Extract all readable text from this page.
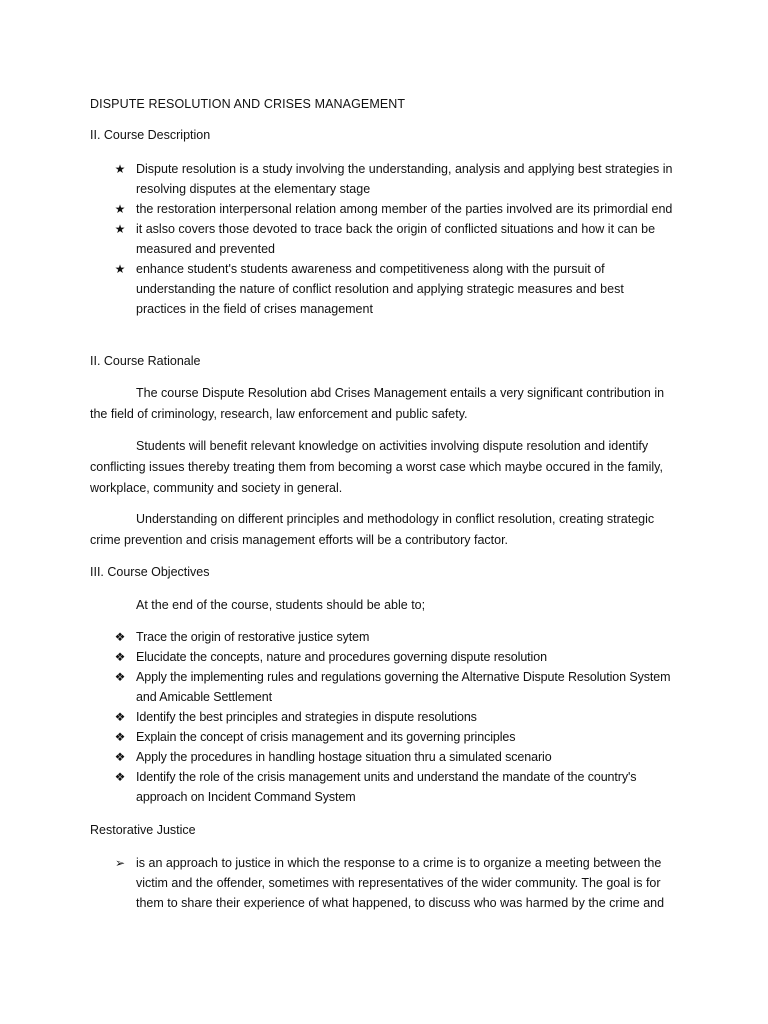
DISPUTE RESOLUTION AND CRISES MANAGEMENT
II. Course Description
★ Dispute resolution is a study involving the understanding, analysis and applying best strategies in resolving disputes at the elementary stage
★ the restoration interpersonal relation among member of the parties involved are its primordial end
★ it aslso covers those devoted to trace back the origin of conflicted situations and how it can be measured and prevented
★ enhance student's students awareness and competitiveness along with the pursuit of understanding the nature of conflict resolution and applying strategic measures and best practices in the field of crises management
II. Course Rationale

The course Dispute Resolution abd Crises Management entails a very significant contribution in the field of criminology, research, law enforcement and public safety.

Students will benefit relevant knowledge on activities involving dispute resolution and identify conflicting issues thereby treating them from becoming a worst case which maybe occured in the family, workplace, community and society in general.

Understanding on different principles and methodology in conflict resolution, creating strategic crime prevention and crisis management efforts will be a contributory factor.

III. Course Objectives

At the end of the course, students should be able to;

❖ Trace the origin of restorative justice sytem
❖ Elucidate the concepts, nature and procedures governing dispute resolution
❖ Apply the implementing rules and regulations governing the Alternative Dispute Resolution System and Amicable Settlement
❖ Identify the best principles and strategies in dispute resolutions
❖ Explain the concept of crisis management and its governing principles
❖ Apply the procedures in handling hostage situation thru a simulated scenario
❖ Identify the role of the crisis management units and understand the mandate of the country's approach on Incident Command System
Restorative Justice
➢ is an approach to justice in which the response to a crime is to organize a meeting between the victim and the offender, sometimes with representatives of the wider community. The goal is for them to share their experience of what happened, to discuss who was harmed by the crime and
